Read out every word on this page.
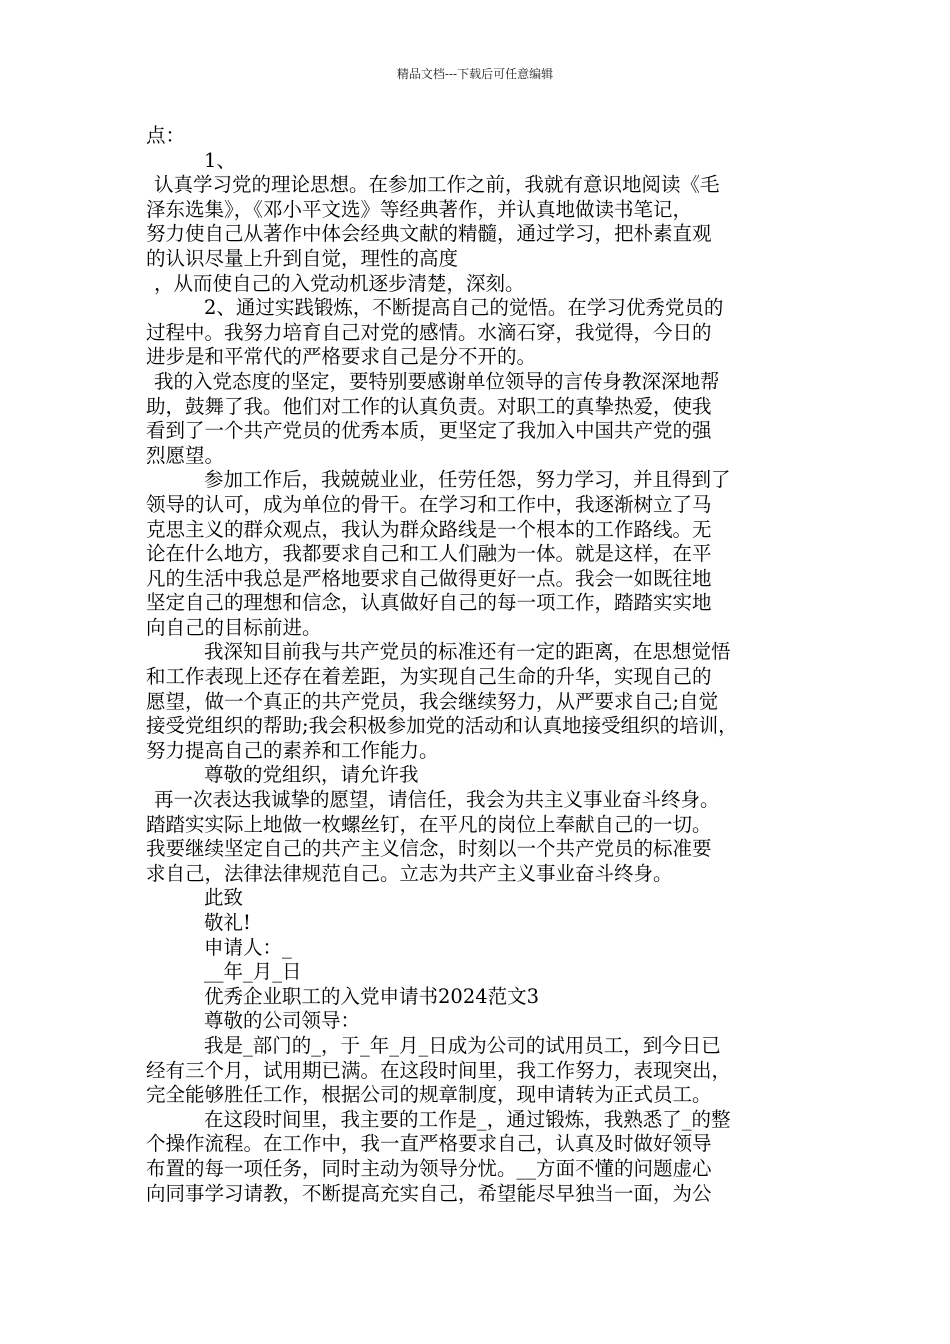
精品文档---下载后可任意编辑
点：
1、
认真学习党的理论思想。在参加工作之前，我就有意识地阅读《毛
泽东选集》，《邓小平文选》等经典著作，并认真地做读书笔记，
努力使自己从著作中体会经典文献的精髓，通过学习，把朴素直观
的认识尽量上升到自觉，理性的高度
，从而使自己的入党动机逐步清楚，深刻。
2、通过实践锻炼，不断提高自己的觉悟。在学习优秀党员的
过程中。我努力培育自己对党的感情。水滴石穿，我觉得，今日的
进步是和平常代的严格要求自己是分不开的。
我的入党态度的坚定，要特别要感谢单位领导的言传身教深深地帮
助，鼓舞了我。他们对工作的认真负责。对职工的真挚热爱，使我
看到了一个共产党员的优秀本质，更坚定了我加入中国共产党的强
烈愿望。
参加工作后，我兢兢业业，任劳任怨，努力学习，并且得到了
领导的认可，成为单位的骨干。在学习和工作中，我逐渐树立了马
克思主义的群众观点，我认为群众路线是一个根本的工作路线。无
论在什么地方，我都要求自己和工人们融为一体。就是这样，在平
凡的生活中我总是严格地要求自己做得更好一点。我会一如既往地
坚定自己的理想和信念，认真做好自己的每一项工作，踏踏实实地
向自己的目标前进。
我深知目前我与共产党员的标准还有一定的距离，在思想觉悟
和工作表现上还存在着差距，为实现自己生命的升华，实现自己的
愿望，做一个真正的共产党员，我会继续努力，从严要求自己;自觉
接受党组织的帮助;我会积极参加党的活动和认真地接受组织的培训，
努力提高自己的素养和工作能力。
尊敬的党组织，请允许我
再一次表达我诚挚的愿望，请信任，我会为共主义事业奋斗终身。
踏踏实实际上地做一枚螺丝钉，在平凡的岗位上奉献自己的一切。
我要继续坚定自己的共产主义信念，时刻以一个共产党员的标准要
求自己，法律法律规范自己。立志为共产主义事业奋斗终身。
此致
敬礼!
申请人：_
__年_月_日
优秀企业职工的入党申请书2024范文3
尊敬的公司领导：
我是_部门的_，于_年_月_日成为公司的试用员工，到今日已
经有三个月，试用期已满。在这段时间里，我工作努力，表现突出，
完全能够胜任工作，根据公司的规章制度，现申请转为正式员工。
在这段时间里，我主要的工作是_，通过锻炼，我熟悉了_的整
个操作流程。在工作中，我一直严格要求自己，认真及时做好领导
布置的每一项任务，同时主动为领导分忧。__方面不懂的问题虚心
向同事学习请教，不断提高充实自己，希望能尽早独当一面，为公
